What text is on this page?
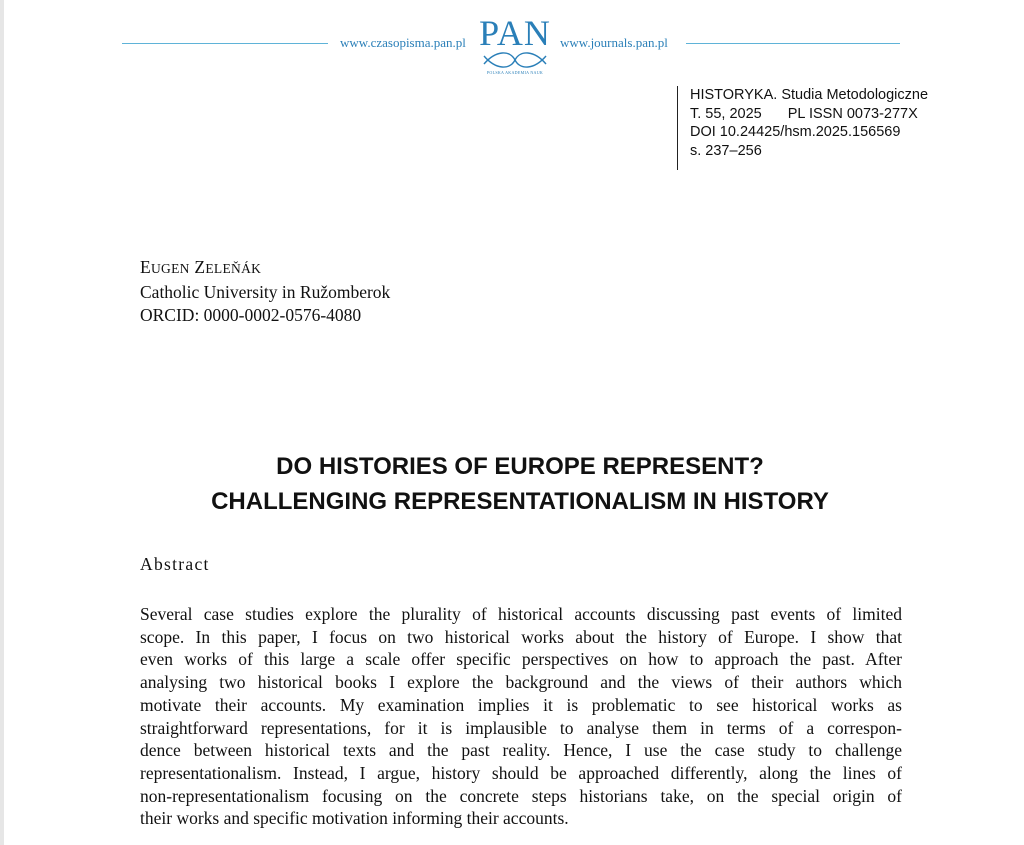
www.czasopisma.pan.pl PAN
POLSKA AKADEMIA NAUK
www.journals.pan.pl
HISTORYKA. Studia Metodologiczne
T. 55, 2025 PL ISSN 0073-277X
DOI 10.24425/hsm.2025.156569
s. 237–256
EUGEN ZELEŇÁK
Catholic University in Ružomberok
ORCID: 0000-0002-0576-4080
DO HISTORIES OF EUROPE REPRESENT?
CHALLENGING REPRESENTATIONALISM IN HISTORY
Abstract
Several case studies explore the plurality of historical accounts discussing past events of limited
scope. In this paper, I focus on two historical works about the history of Europe. I show that
even works of this large a scale offer specific perspectives on how to approach the past. After
analysing two historical books I explore the background and the views of their authors which
motivate their accounts. My examination implies it is problematic to see historical works as
straightforward representations, for it is implausible to analyse them in terms of a correspon-
dence between historical texts and the past reality. Hence, I use the case study to challenge
representationalism. Instead, I argue, history should be approached differently, along the lines of
non-representationalism focusing on the concrete steps historians take, on the special origin of
their works and specific motivation informing their accounts.
